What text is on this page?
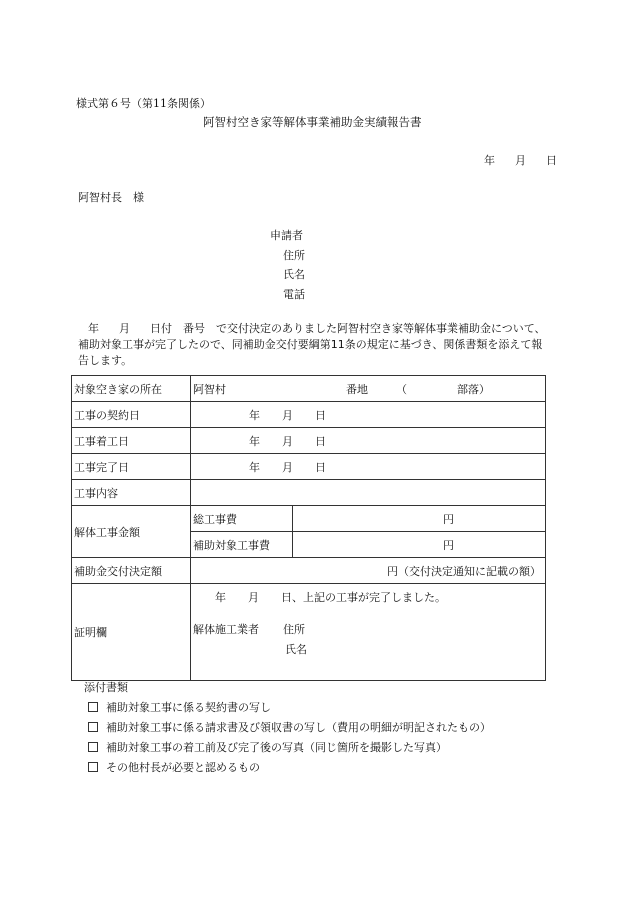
様式第６号（第11条関係）
阿智村空き家等解体事業補助金実績報告書
年 月 日
阿智村長　様
申請者
住所
氏名
電話
年 月 日付　番号　で交付決定のありました阿智村空き家等解体事業補助金について、補助対象工事が完了したので、同補助金交付要綱第11条の規定に基づき、関係書類を添えて報告します。
対象空き家の所在	阿智村 番地 （ 部落）	
工事の契約日	年 月 日	
工事着工日	年 月 日	
工事完了日	年 月 日	
工事内容		
解体工事金額	総工事費	円
	補助対象工事費	円
補助金交付決定額	円（交付決定通知に記載の額）	
証明欄	年 月 日、上記の工事が完了しました。
解体施工業者 住所
氏名	
添付書類
補助対象工事に係る契約書の写し
補助対象工事に係る請求書及び領収書の写し（費用の明細が明記されたもの）
補助対象工事の着工前及び完了後の写真（同じ箇所を撮影した写真）
その他村長が必要と認めるもの
